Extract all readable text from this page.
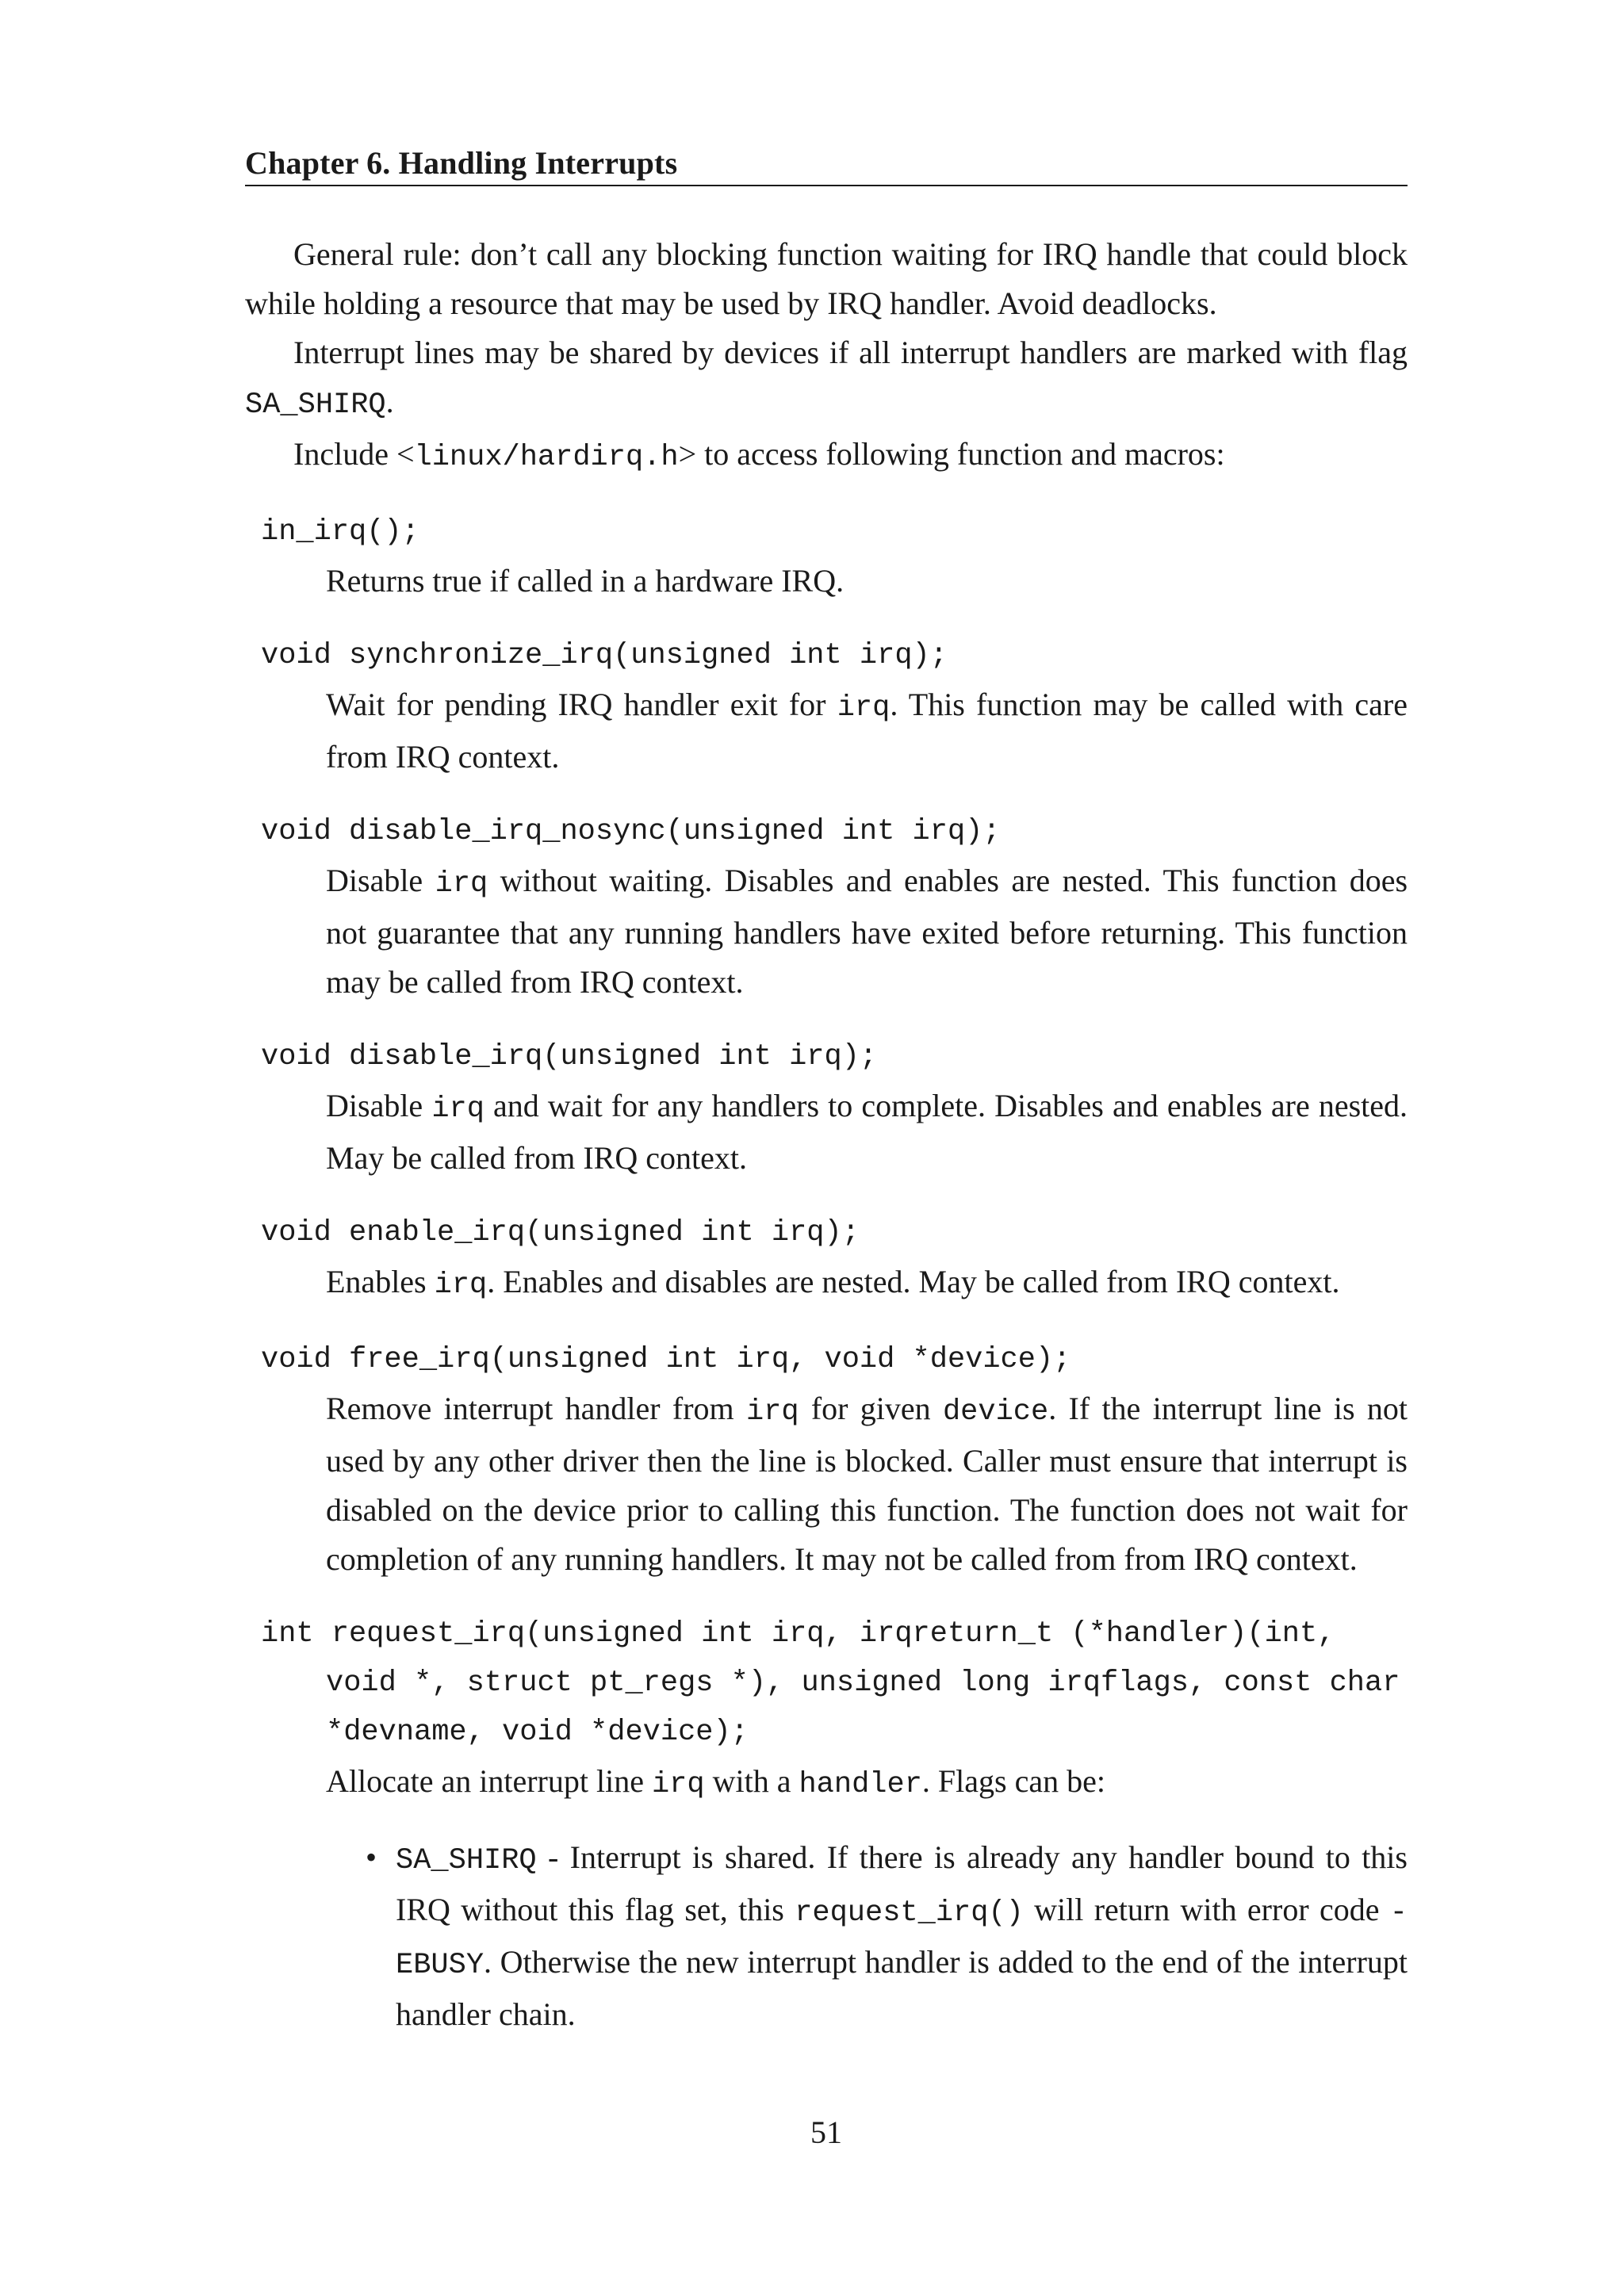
Chapter 6. Handling Interrupts

General rule: don’t call any blocking function waiting for IRQ handle that could block while holding a resource that may be used by IRQ handler. Avoid deadlocks.

Interrupt lines may be shared by devices if all interrupt handlers are marked with flag SA_SHIRQ.

Include <linux/hardirq.h> to access following function and macros:

in_irq();

Returns true if called in a hardware IRQ.

void synchronize_irq(unsigned int irq);

Wait for pending IRQ handler exit for irq. This function may be called with care from IRQ context.

void disable_irq_nosync(unsigned int irq);

Disable irq without waiting. Disables and enables are nested. This function does not guarantee that any running handlers have exited before returning. This function may be called from IRQ context.

void disable_irq(unsigned int irq);

Disable irq and wait for any handlers to complete. Disables and enables are nested. May be called from IRQ context.

void enable_irq(unsigned int irq);

Enables irq. Enables and disables are nested. May be called from IRQ context.

void free_irq(unsigned int irq, void *device);

Remove interrupt handler from irq for given device. If the interrupt line is not used by any other driver then the line is blocked. Caller must ensure that interrupt is disabled on the device prior to calling this function. The function does not wait for completion of any running handlers. It may not be called from from IRQ context.

int request_irq(unsigned int irq, irqreturn_t (*handler)(int, void *, struct pt_regs *), unsigned long irqflags, const char *devname, void *device);

Allocate an interrupt line irq with a handler. Flags can be:

• SA_SHIRQ - Interrupt is shared. If there is already any handler bound to this IRQ without this flag set, this request_irq() will return with error code -EBUSY. Otherwise the new interrupt handler is added to the end of the interrupt handler chain.
51
